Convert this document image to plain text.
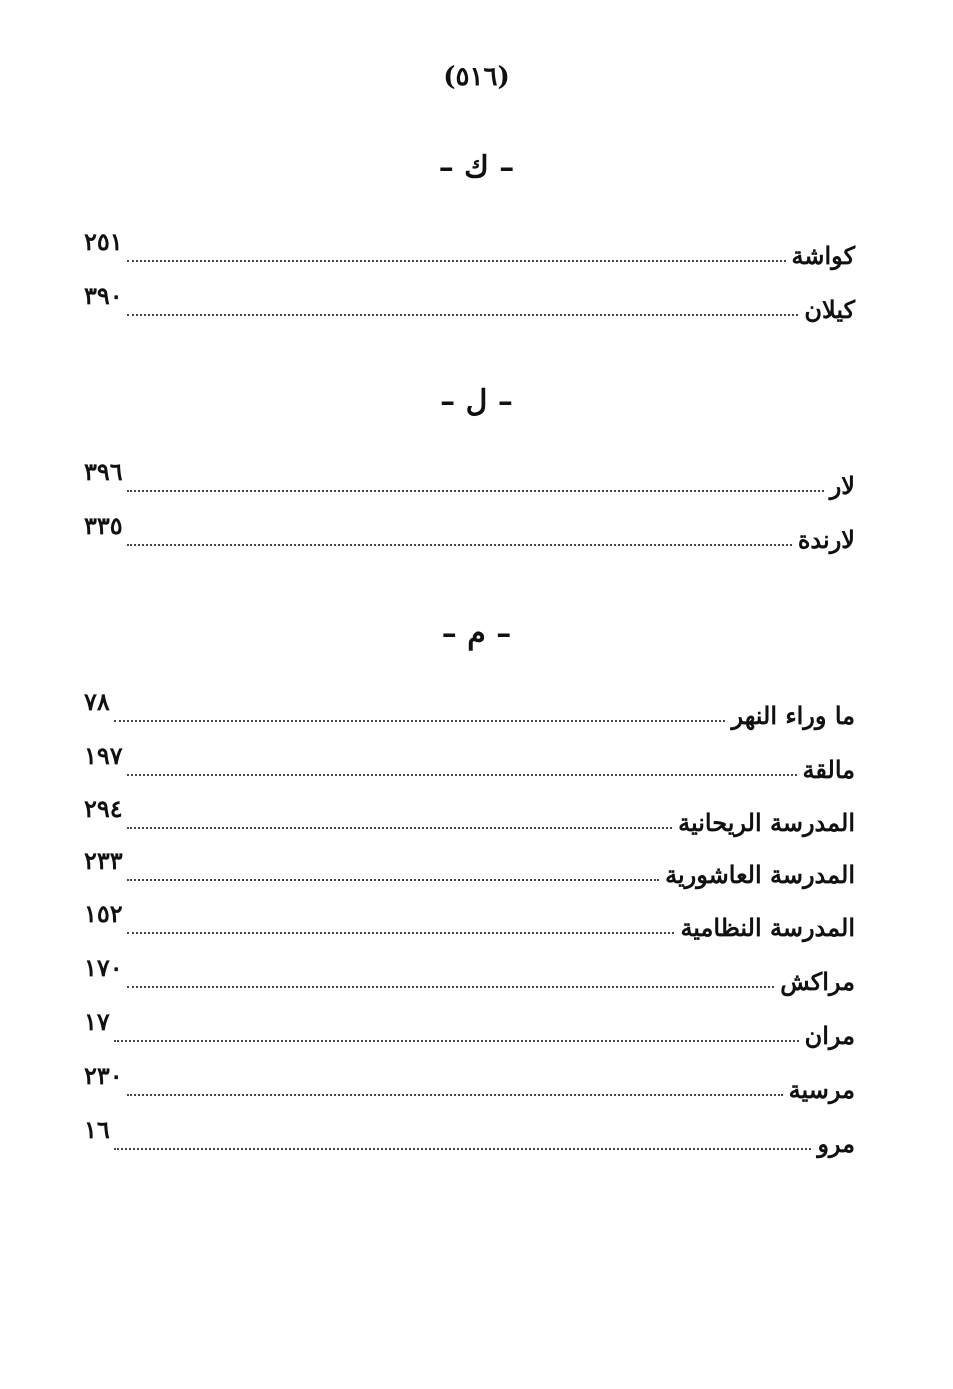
(٥١٦)
– ك –
كواشة
٢٥١
كيلان
٣٩٠
– ل –
لار
٣٩٦
لارندة
٣٣٥
– م –
ما وراء النهر
٧٨
مالقة
١٩٧
المدرسة الريحانية
٢٩٤
المدرسة العاشورية
٢٣٣
المدرسة النظامية
١٥٢
مراكش
١٧٠
مران
١٧
مرسية
٢٣٠
مرو
١٦
